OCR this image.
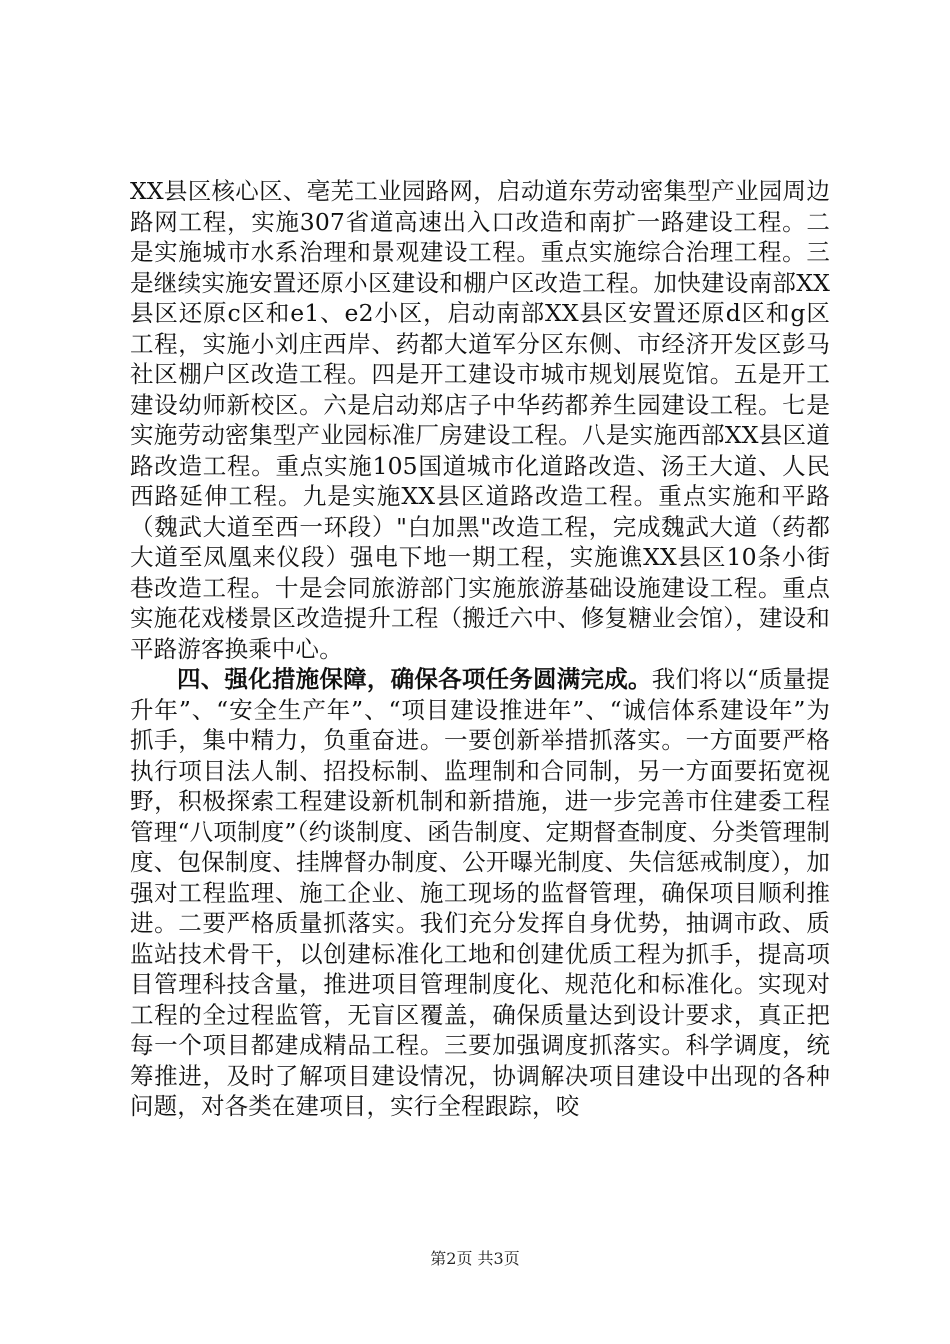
XX县区核心区、亳芜工业园路网，启动道东劳动密集型产业园周边路网工程，实施307省道高速出入口改造和南扩一路建设工程。二是实施城市水系治理和景观建设工程。重点实施综合治理工程。三是继续实施安置还原小区建设和棚户区改造工程。加快建设南部XX县区还原c区和e1、e2小区，启动南部XX县区安置还原d区和g区工程，实施小刘庄西岸、药都大道军分区东侧、市经济开发区彭马社区棚户区改造工程。四是开工建设市城市规划展览馆。五是开工建设幼师新校区。六是启动郑店子中华药都养生园建设工程。七是实施劳动密集型产业园标准厂房建设工程。八是实施西部XX县区道路改造工程。重点实施105国道城市化道路改造、汤王大道、人民西路延伸工程。九是实施XX县区道路改造工程。重点实施和平路（魏武大道至西一环段）"白加黑"改造工程，完成魏武大道（药都大道至凤凰来仪段）强电下地一期工程，实施谯XX县区10条小街巷改造工程。十是会同旅游部门实施旅游基础设施建设工程。重点实施花戏楼景区改造提升工程（搬迁六中、修复糖业会馆），建设和平路游客换乘中心。

四、强化措施保障，确保各项任务圆满完成。我们将以“质量提升年”、“安全生产年”、“项目建设推进年”、“诚信体系建设年”为抓手，集中精力，负重奋进。一要创新举措抓落实。一方面要严格执行项目法人制、招投标制、监理制和合同制，另一方面要拓宽视野，积极探索工程建设新机制和新措施，进一步完善市住建委工程管理“八项制度”（约谈制度、函告制度、定期督查制度、分类管理制度、包保制度、挂牌督办制度、公开曝光制度、失信惩戒制度），加强对工程监理、施工企业、施工现场的监督管理，确保项目顺利推进。二要严格质量抓落实。我们充分发挥自身优势，抽调市政、质监站技术骨干，以创建标准化工地和创建优质工程为抓手，提高项目管理科技含量，推进项目管理制度化、规范化和标准化。实现对工程的全过程监管，无盲区覆盖，确保质量达到设计要求，真正把每一个项目都建成精品工程。三要加强调度抓落实。科学调度，统筹推进，及时了解项目建设情况，协调解决项目建设中出现的各种问题，对各类在建项目，实行全程跟踪，咬

第2页 共3页
